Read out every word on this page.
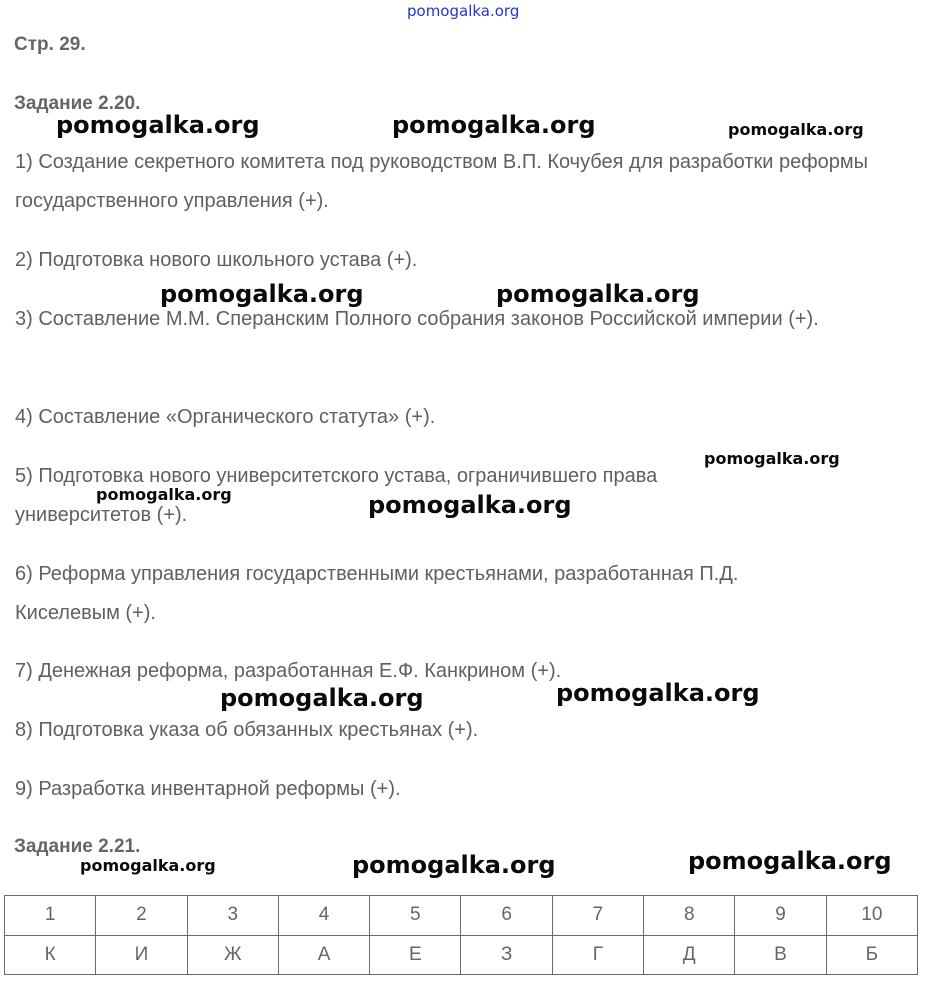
pomogalka.org
Стр. 29.
Задание 2.20.
1) Создание секретного комитета под руководством В.П. Кочубея для разработки реформы государственного управления (+).
2) Подготовка нового школьного устава (+).
3) Составление М.М. Сперанским Полного собрания законов Российской империи (+).
4) Составление «Органического статута» (+).
5) Подготовка нового университетского устава, ограничившего права университетов (+).
6) Реформа управления государственными крестьянами, разработанная П.Д. Киселевым (+).
7) Денежная реформа, разработанная Е.Ф. Канкрином (+).
8) Подготовка указа об обязанных крестьянах (+).
9) Разработка инвентарной реформы (+).
Задание 2.21.
1	2	3	4	5	6	7	8	9	10
К	И	Ж	А	Е	З	Г	Д	В	Б
pomogalka.org	pomogalka.org	pomogalka.org
pomogalka.org	pomogalka.org
pomogalka.org
pomogalka.org	pomogalka.org
pomogalka.org	pomogalka.org
pomogalka.org	pomogalka.org	pomogalka.org
